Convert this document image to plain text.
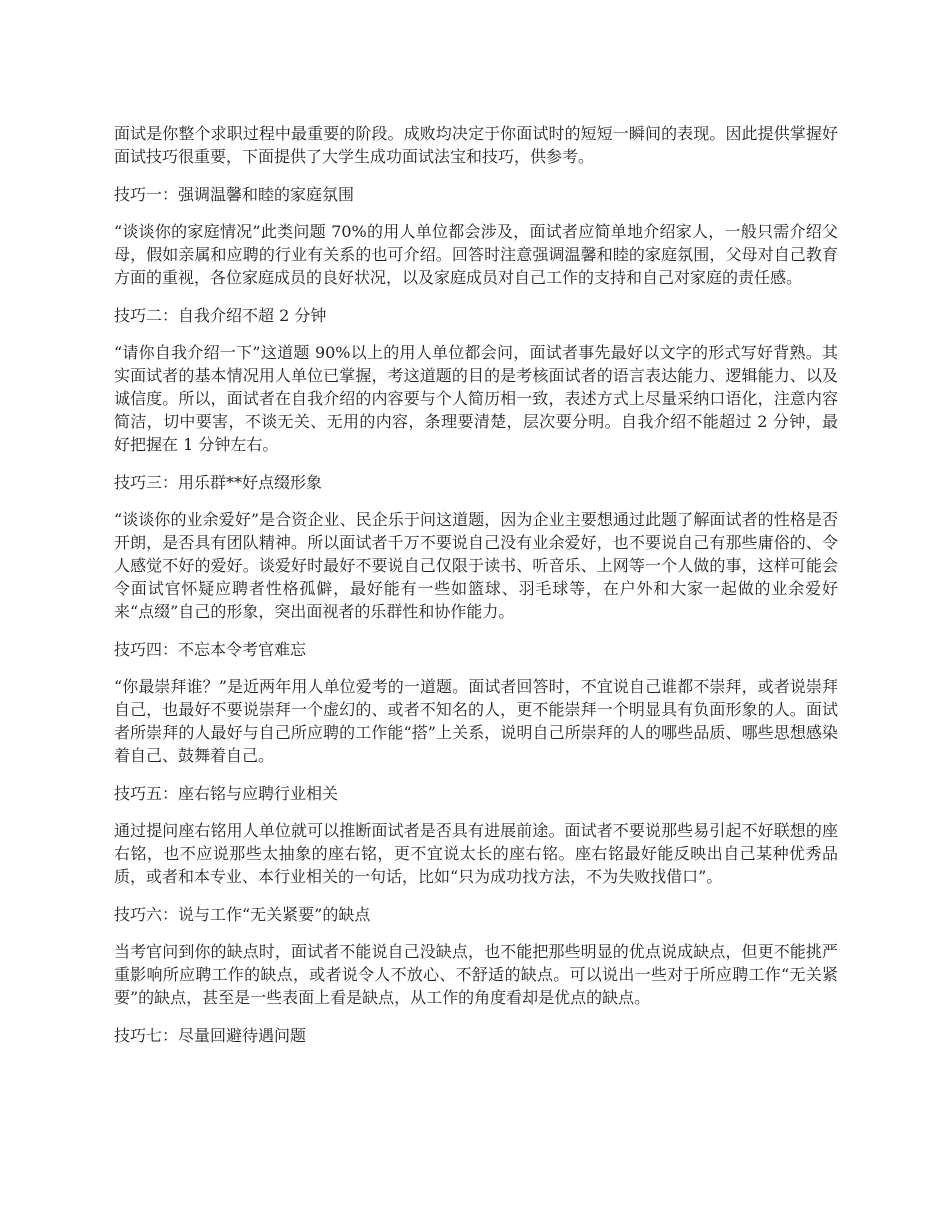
面试是你整个求职过程中最重要的阶段。成败均决定于你面试时的短短一瞬间的表现。因此提供掌握好面试技巧很重要，下面提供了大学生成功面试法宝和技巧，供参考。

技巧一：强调温馨和睦的家庭氛围

“谈谈你的家庭情况”此类问题 70%的用人单位都会涉及，面试者应简单地介绍家人，一般只需介绍父母，假如亲属和应聘的行业有关系的也可介绍。回答时注意强调温馨和睦的家庭氛围，父母对自己教育方面的重视，各位家庭成员的良好状况，以及家庭成员对自己工作的支持和自己对家庭的责任感。

技巧二：自我介绍不超 2 分钟

“请你自我介绍一下”这道题 90%以上的用人单位都会问，面试者事先最好以文字的形式写好背熟。其实面试者的基本情况用人单位已掌握，考这道题的目的是考核面试者的语言表达能力、逻辑能力、以及诚信度。所以，面试者在自我介绍的内容要与个人简历相一致，表述方式上尽量采纳口语化，注意内容简洁，切中要害，不谈无关、无用的内容，条理要清楚，层次要分明。自我介绍不能超过 2 分钟，最好把握在 1 分钟左右。

技巧三：用乐群**好点缀形象

“谈谈你的业余爱好”是合资企业、民企乐于问这道题，因为企业主要想通过此题了解面试者的性格是否开朗，是否具有团队精神。所以面试者千万不要说自己没有业余爱好，也不要说自己有那些庸俗的、令人感觉不好的爱好。谈爱好时最好不要说自己仅限于读书、听音乐、上网等一个人做的事，这样可能会令面试官怀疑应聘者性格孤僻，最好能有一些如篮球、羽毛球等，在户外和大家一起做的业余爱好来“点缀”自己的形象，突出面视者的乐群性和协作能力。

技巧四：不忘本令考官难忘

“你最崇拜谁？”是近两年用人单位爱考的一道题。面试者回答时，不宜说自己谁都不崇拜，或者说崇拜自己，也最好不要说崇拜一个虚幻的、或者不知名的人，更不能崇拜一个明显具有负面形象的人。面试者所崇拜的人最好与自己所应聘的工作能“搭”上关系，说明自己所崇拜的人的哪些品质、哪些思想感染着自己、鼓舞着自己。

技巧五：座右铭与应聘行业相关

通过提问座右铭用人单位就可以推断面试者是否具有进展前途。面试者不要说那些易引起不好联想的座右铭，也不应说那些太抽象的座右铭，更不宜说太长的座右铭。座右铭最好能反映出自己某种优秀品质，或者和本专业、本行业相关的一句话，比如“只为成功找方法，不为失败找借口”。

技巧六：说与工作“无关紧要”的缺点

当考官问到你的缺点时，面试者不能说自己没缺点，也不能把那些明显的优点说成缺点，但更不能挑严重影响所应聘工作的缺点，或者说令人不放心、不舒适的缺点。可以说出一些对于所应聘工作“无关紧要”的缺点，甚至是一些表面上看是缺点，从工作的角度看却是优点的缺点。

技巧七：尽量回避待遇问题
